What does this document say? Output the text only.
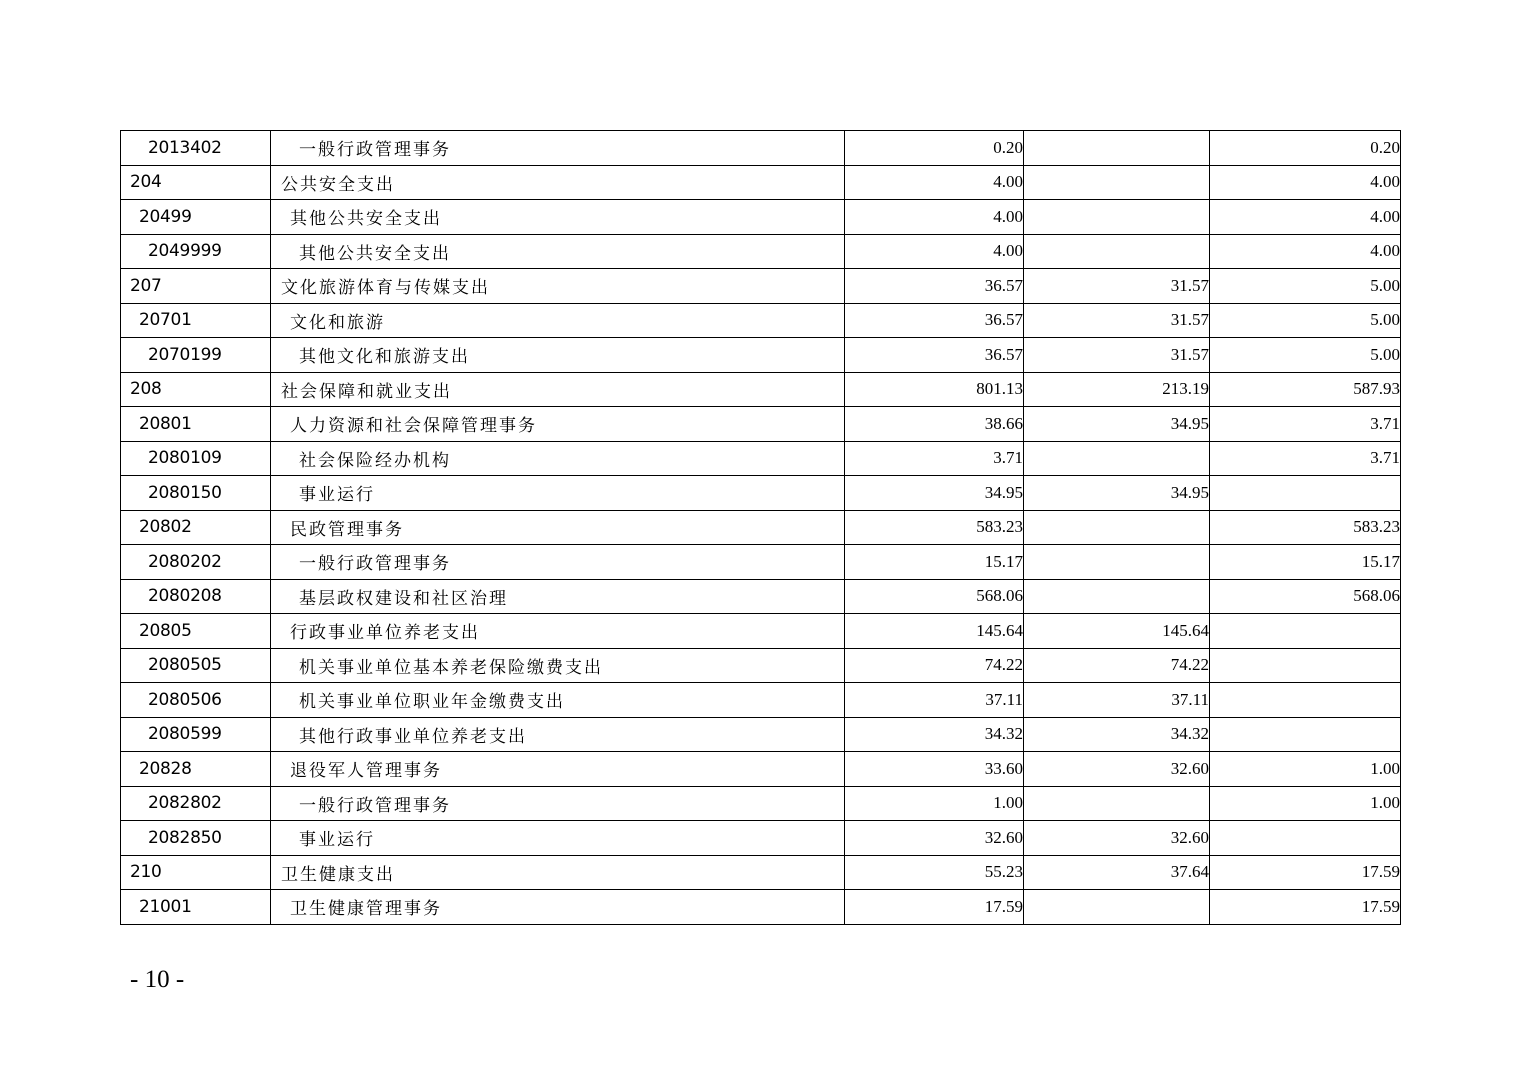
2013402	一般行政管理事务	0.20		0.20
204	公共安全支出	4.00		4.00
20499	其他公共安全支出	4.00		4.00
2049999	其他公共安全支出	4.00		4.00
207	文化旅游体育与传媒支出	36.57	31.57	5.00
20701	文化和旅游	36.57	31.57	5.00
2070199	其他文化和旅游支出	36.57	31.57	5.00
208	社会保障和就业支出	801.13	213.19	587.93
20801	人力资源和社会保障管理事务	38.66	34.95	3.71
2080109	社会保险经办机构	3.71		3.71
2080150	事业运行	34.95	34.95	
20802	民政管理事务	583.23		583.23
2080202	一般行政管理事务	15.17		15.17
2080208	基层政权建设和社区治理	568.06		568.06
20805	行政事业单位养老支出	145.64	145.64	
2080505	机关事业单位基本养老保险缴费支出	74.22	74.22	
2080506	机关事业单位职业年金缴费支出	37.11	37.11	
2080599	其他行政事业单位养老支出	34.32	34.32	
20828	退役军人管理事务	33.60	32.60	1.00
2082802	一般行政管理事务	1.00		1.00
2082850	事业运行	32.60	32.60	
210	卫生健康支出	55.23	37.64	17.59
21001	卫生健康管理事务	17.59		17.59
- 10 -
